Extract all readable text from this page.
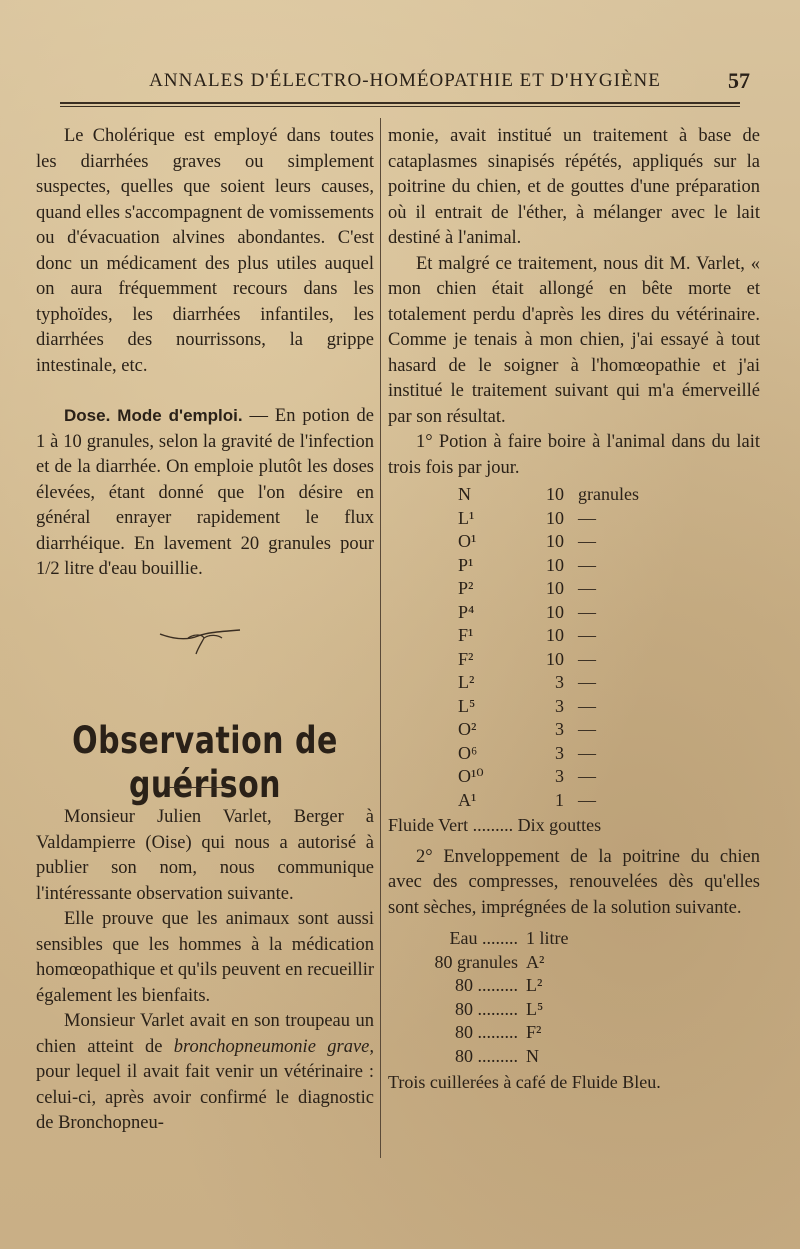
ANNALES D'ÉLECTRO-HOMÉOPATHIE ET D'HYGIÈNE	57

Le Cholérique est employé dans toutes les diarrhées graves ou simplement suspectes, quelles que soient leurs causes, quand elles s'accompagnent de vomissements ou d'évacuation alvines abondantes. C'est donc un médicament des plus utiles auquel on aura fréquemment recours dans les typhoïdes, les diarrhées infantiles, les diarrhées des nourrissons, la grippe intestinale, etc.

Dose. Mode d'emploi. — En potion de 1 à 10 granules, selon la gravité de l'infection et de la diarrhée. On emploie plutôt les doses élevées, étant donné que l'on désire en général enrayer rapidement le flux diarrhéique. En lavement 20 granules pour 1/2 litre d'eau bouillie.

Observation de guérison

Monsieur Julien Varlet, Berger à Valdampierre (Oise) qui nous a autorisé à publier son nom, nous communique l'intéressante observation suivante.

Elle prouve que les animaux sont aussi sensibles que les hommes à la médication homœopathique et qu'ils peuvent en recueillir également les bienfaits.

Monsieur Varlet avait en son troupeau un chien atteint de bronchopneumonie grave, pour lequel il avait fait venir un vétérinaire : celui-ci, après avoir confirmé le diagnostic de Bronchopneu-

monie, avait institué un traitement à base de cataplasmes sinapisés répétés, appliqués sur la poitrine du chien, et de gouttes d'une préparation où il entrait de l'éther, à mélanger avec le lait destiné à l'animal.

Et malgré ce traitement, nous dit M. Varlet, « mon chien était allongé en bête morte et totalement perdu d'après les dires du vétérinaire. Comme je tenais à mon chien, j'ai essayé à tout hasard de le soigner à l'homœopathie et j'ai institué le traitement suivant qui m'a émerveillé par son résultat.

1° Potion à faire boire à l'animal dans du lait trois fois par jour.

N	10 granules
L¹	10 —
O¹	10 —
P¹	10 —
P²	10 —
P⁴	10 —
F¹	10 —
F²	10 —
L²	3 —
L⁵	3 —
O²	3 —
O⁶	3 —
O¹⁰	3 —
A¹	1 —
Fluide Vert ......... Dix gouttes

2° Enveloppement de la poitrine du chien avec des compresses, renouvelées dès qu'elles sont sèches, imprégnées de la solution suivante.

Eau ........ 1 litre
80 granules A²
80 ......... L²
80 ......... L⁵
80 ......... F²
80 ......... N
Trois cuillerées à café de Fluide Bleu.
